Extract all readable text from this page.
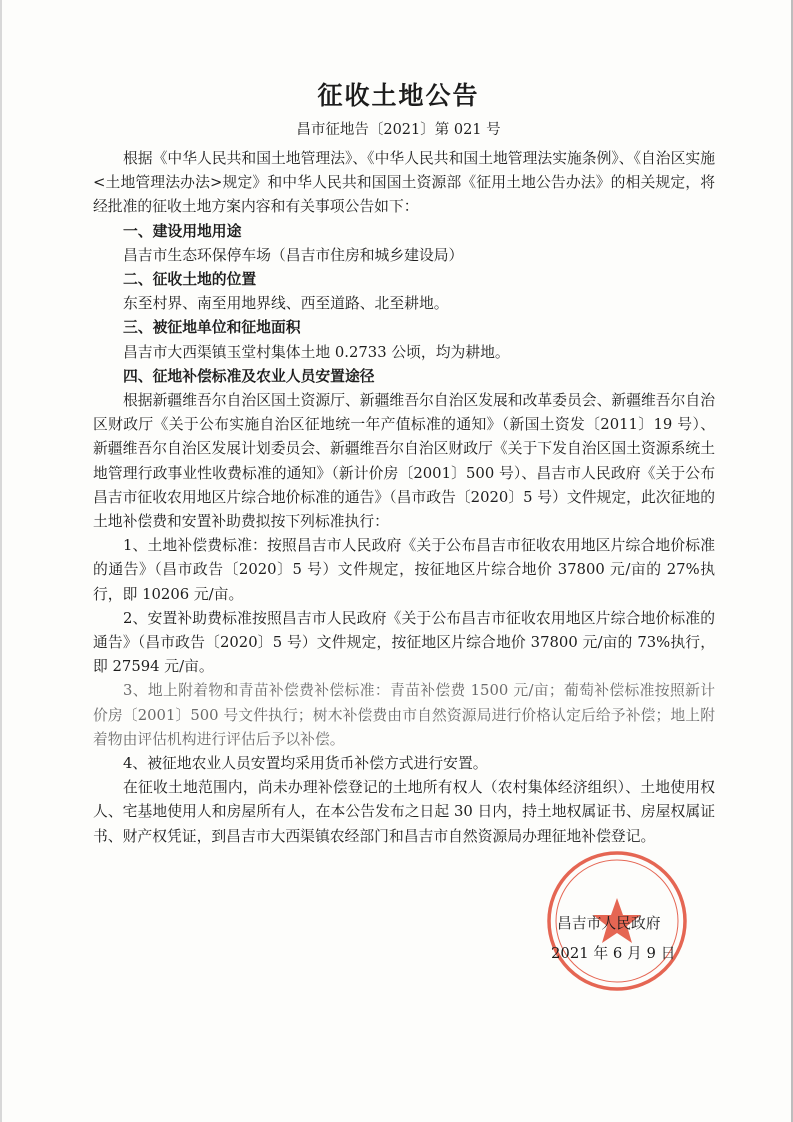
征收土地公告
昌市征地告〔2021〕第 021 号

根据《中华人民共和国土地管理法》、《中华人民共和国土地管理法实施条例》、《自治区实施<土地管理法办法>规定》和中华人民共和国国土资源部《征用土地公告办法》的相关规定，将经批准的征收土地方案内容和有关事项公告如下：

一、建设用地用途

昌吉市生态环保停车场（昌吉市住房和城乡建设局）

二、征收土地的位置

东至村界、南至用地界线、西至道路、北至耕地。

三、被征地单位和征地面积

昌吉市大西渠镇玉堂村集体土地 0.2733 公顷，均为耕地。

四、征地补偿标准及农业人员安置途径

根据新疆维吾尔自治区国土资源厅、新疆维吾尔自治区发展和改革委员会、新疆维吾尔自治区财政厅《关于公布实施自治区征地统一年产值标准的通知》（新国土资发〔2011〕19 号）、新疆维吾尔自治区发展计划委员会、新疆维吾尔自治区财政厅《关于下发自治区国土资源系统土地管理行政事业性收费标准的通知》（新计价房〔2001〕500 号）、昌吉市人民政府《关于公布昌吉市征收农用地区片综合地价标准的通告》（昌市政告〔2020〕5 号）文件规定，此次征地的土地补偿费和安置补助费拟按下列标准执行：

1、土地补偿费标准：按照昌吉市人民政府《关于公布昌吉市征收农用地区片综合地价标准的通告》（昌市政告〔2020〕5 号）文件规定，按征地区片综合地价 37800 元/亩的 27%执行，即 10206 元/亩。

2、安置补助费标准按照昌吉市人民政府《关于公布昌吉市征收农用地区片综合地价标准的通告》（昌市政告〔2020〕5 号）文件规定，按征地区片综合地价 37800 元/亩的 73%执行，即 27594 元/亩。

3、地上附着物和青苗补偿费补偿标准：青苗补偿费 1500 元/亩；葡萄补偿标准按照新计价房〔2001〕500 号文件执行；树木补偿费由市自然资源局进行价格认定后给予补偿；地上附着物由评估机构进行评估后予以补偿。

4、被征地农业人员安置均采用货币补偿方式进行安置。

在征收土地范围内，尚未办理补偿登记的土地所有权人（农村集体经济组织）、土地使用权人、宅基地使用人和房屋所有人，在本公告发布之日起 30 日内，持土地权属证书、房屋权属证书、财产权凭证，到昌吉市大西渠镇农经部门和昌吉市自然资源局办理征地补偿登记。

昌吉市人民政府
2021 年 6 月 9 日
